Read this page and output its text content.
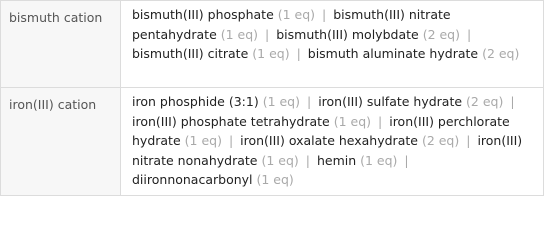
bismuth cation	bismuth(III) phosphate (1 eq) | bismuth(III) nitrate pentahydrate (1 eq) | bismuth(III) molybdate (2 eq) | bismuth(III) citrate (1 eq) | bismuth aluminate hydrate (2 eq)

iron(III) cation	iron phosphide (3:1) (1 eq) | iron(III) sulfate hydrate (2 eq) | iron(III) phosphate tetrahydrate (1 eq) | iron(III) perchlorate hydrate (1 eq) | iron(III) oxalate hexahydrate (2 eq) | iron(III) nitrate nonahydrate (1 eq) | hemin (1 eq) | diironnonacarbonyl (1 eq)
